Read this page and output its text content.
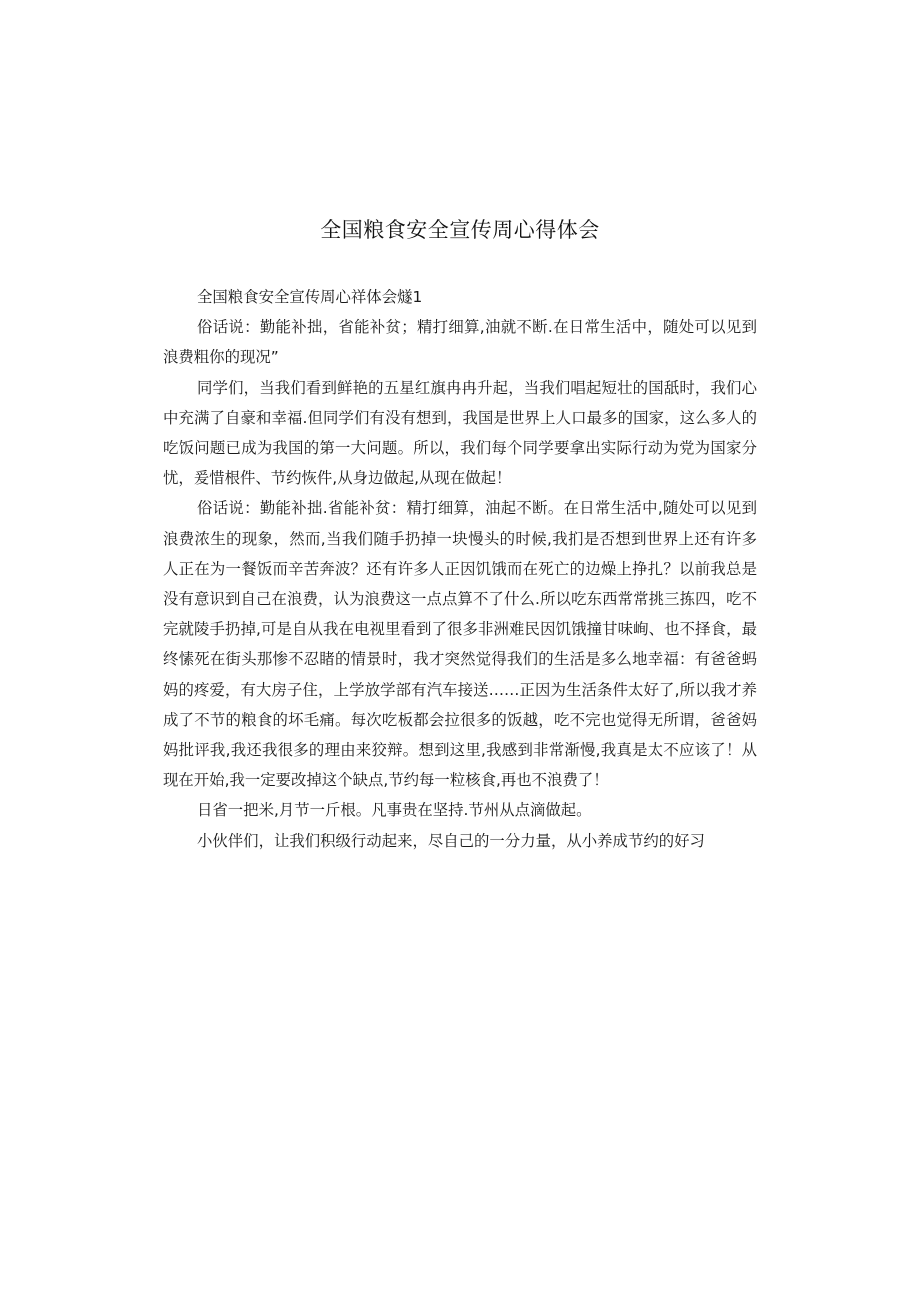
全国粮食安全宣传周心得体会

全国粮食安全宣传周心祥体会燧1

俗话说：勤能补拙，省能补贫；精打细算,油就不断.在日常生活中，随处可以见到浪费粗你的现况”

同学们，当我们看到鲜艳的五星红旗冉冉升起，当我们唱起短壮的国舐时，我们心中充满了自豪和幸福.但同学们有没有想到，我国是世界上人口最多的国家，这么多人的吃饭问题已成为我国的第一大问题。所以，我们每个同学要拿出实际行动为党为国家分忧，爰惜根件、节约恢件,从身边做起,从现在做起！

俗话说：勤能补拙.省能补贫：精打细算，油起不断。在日常生活中,随处可以见到浪费浓生的现象，然而,当我们随手扔掉一块慢头的时候,我扪是否想到世界上还有许多人正在为一餐饭而辛苦奔波？还有许多人正因饥饿而在死亡的边燥上挣扎？以前我总是没有意识到自己在浪费，认为浪费这一点点算不了什么.所以吃东西常常挑三拣四，吃不完就陵手扔掉,可是自从我在电视里看到了很多非洲难民因饥饿撞甘味峋、也不择食，最终愫死在街头那惨不忍睹的情景时，我才突然觉得我们的生活是多么地幸福：有爸爸蚂妈的疼爱，有大房子住，上学放学部有汽车接送……正因为生活条件太好了,所以我才养成了不节的粮食的坏毛痛。每次吃板都会拉很多的饭越，吃不完也觉得无所谓，爸爸妈妈批评我,我还我很多的理由来狡辩。想到这里,我感到非常渐慢,我真是太不应该了！从现在开始,我一定要改掉这个缺点,节约每一粒核食,再也不浪费了！

日省一把米,月节一斤根。凡事贵在坚持.节州从点滴做起。

小伙伴们，让我们积级行动起来，尽自己的一分力量，从小养成节约的好习
